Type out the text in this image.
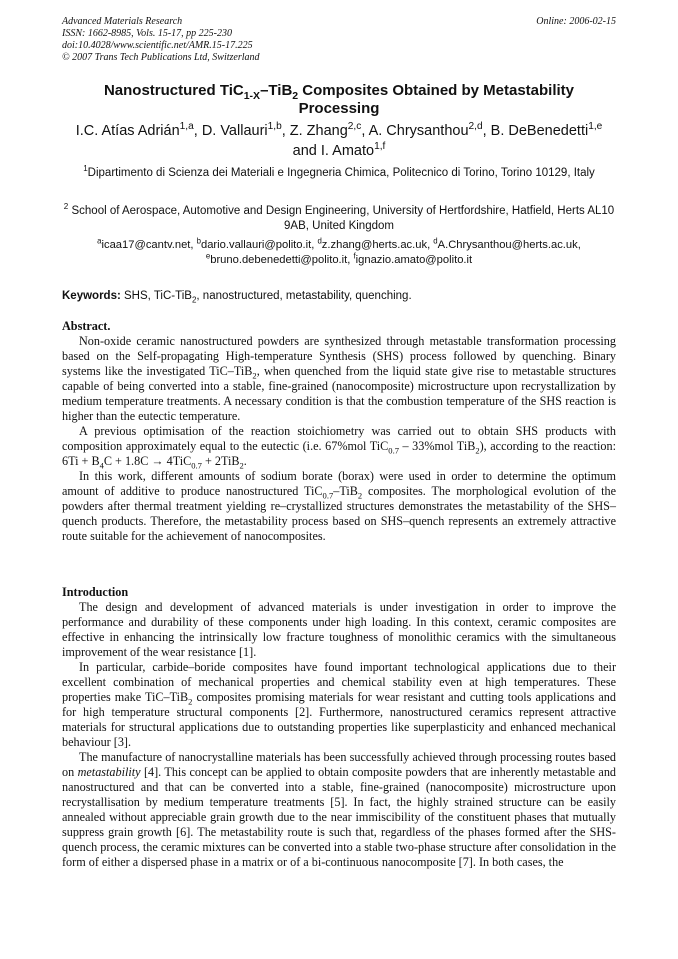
Advanced Materials Research
ISSN: 1662-8985, Vols. 15-17, pp 225-230
doi:10.4028/www.scientific.net/AMR.15-17.225
© 2007 Trans Tech Publications Ltd, Switzerland
Online: 2006-02-15
Nanostructured TiC$_{1-X}$–TiB$_2$ Composites Obtained by Metastability Processing
I.C. Atías Adrián$^{1,a}$, D. Vallauri$^{1,b}$, Z. Zhang$^{2,c}$, A. Chrysanthou$^{2,d}$, B. DeBenedetti$^{1,e}$ and I. Amato$^{1,f}$
$^1$Dipartimento di Scienza dei Materiali e Ingegneria Chimica, Politecnico di Torino, Torino 10129, Italy
$^2$ School of Aerospace, Automotive and Design Engineering, University of Hertfordshire, Hatfield, Herts AL10 9AB, United Kingdom
$^a$icaa17@cantv.net, $^b$dario.vallauri@polito.it, $^d$z.zhang@herts.ac.uk, $^d$A.Chrysanthou@herts.ac.uk, $^e$bruno.debenedetti@polito.it, $^f$ignazio.amato@polito.it
Keywords: SHS, TiC-TiB$_2$, nanostructured, metastability, quenching.
Abstract.

Non-oxide ceramic nanostructured powders are synthesized through metastable transformation processing based on the Self-propagating High-temperature Synthesis (SHS) process followed by quenching. Binary systems like the investigated TiC–TiB$_2$, when quenched from the liquid state give rise to metastable structures capable of being converted into a stable, fine-grained (nanocomposite) microstructure upon recrystallization by medium temperature treatments. A necessary condition is that the combustion temperature of the SHS reaction is higher than the eutectic temperature.

A previous optimisation of the reaction stoichiometry was carried out to obtain SHS products with composition approximately equal to the eutectic (i.e. 67%mol TiC$_{0.7}$ – 33%mol TiB$_2$), according to the reaction: $6Ti + B_4C + 1.8C \to 4TiC_{0.7} + 2TiB_2$.

In this work, different amounts of sodium borate (borax) were used in order to determine the optimum amount of additive to produce nanostructured TiC$_{0.7}$–TiB$_2$ composites. The morphological evolution of the powders after thermal treatment yielding re–crystallized structures demonstrates the metastability of the SHS–quench products. Therefore, the metastability process based on SHS–quench represents an extremely attractive route suitable for the achievement of nanocomposites.

Introduction

The design and development of advanced materials is under investigation in order to improve the performance and durability of these components under high loading. In this context, ceramic composites are effective in enhancing the intrinsically low fracture toughness of monolithic ceramics with the simultaneous improvement of the wear resistance [1].

In particular, carbide–boride composites have found important technological applications due to their excellent combination of mechanical properties and chemical stability even at high temperatures. These properties make TiC–TiB$_2$ composites promising materials for wear resistant and cutting tools applications and for high temperature structural components [2]. Furthermore, nanostructured ceramics represent attractive materials for structural applications due to outstanding properties like superplasticity and enhanced mechanical behaviour [3].

The manufacture of nanocrystalline materials has been successfully achieved through processing routes based on metastability [4]. This concept can be applied to obtain composite powders that are inherently metastable and nanostructured and that can be converted into a stable, fine-grained (nanocomposite) microstructure upon recrystallisation by medium temperature treatments [5]. In fact, the highly strained structure can be easily annealed without appreciable grain growth due to the near immiscibility of the constituent phases that mutually suppress grain growth [6]. The metastability route is such that, regardless of the phases formed after the SHS-quench process, the ceramic mixtures can be converted into a stable two-phase structure after consolidation in the form of either a dispersed phase in a matrix or of a bi-continuous nanocomposite [7]. In both cases, the
